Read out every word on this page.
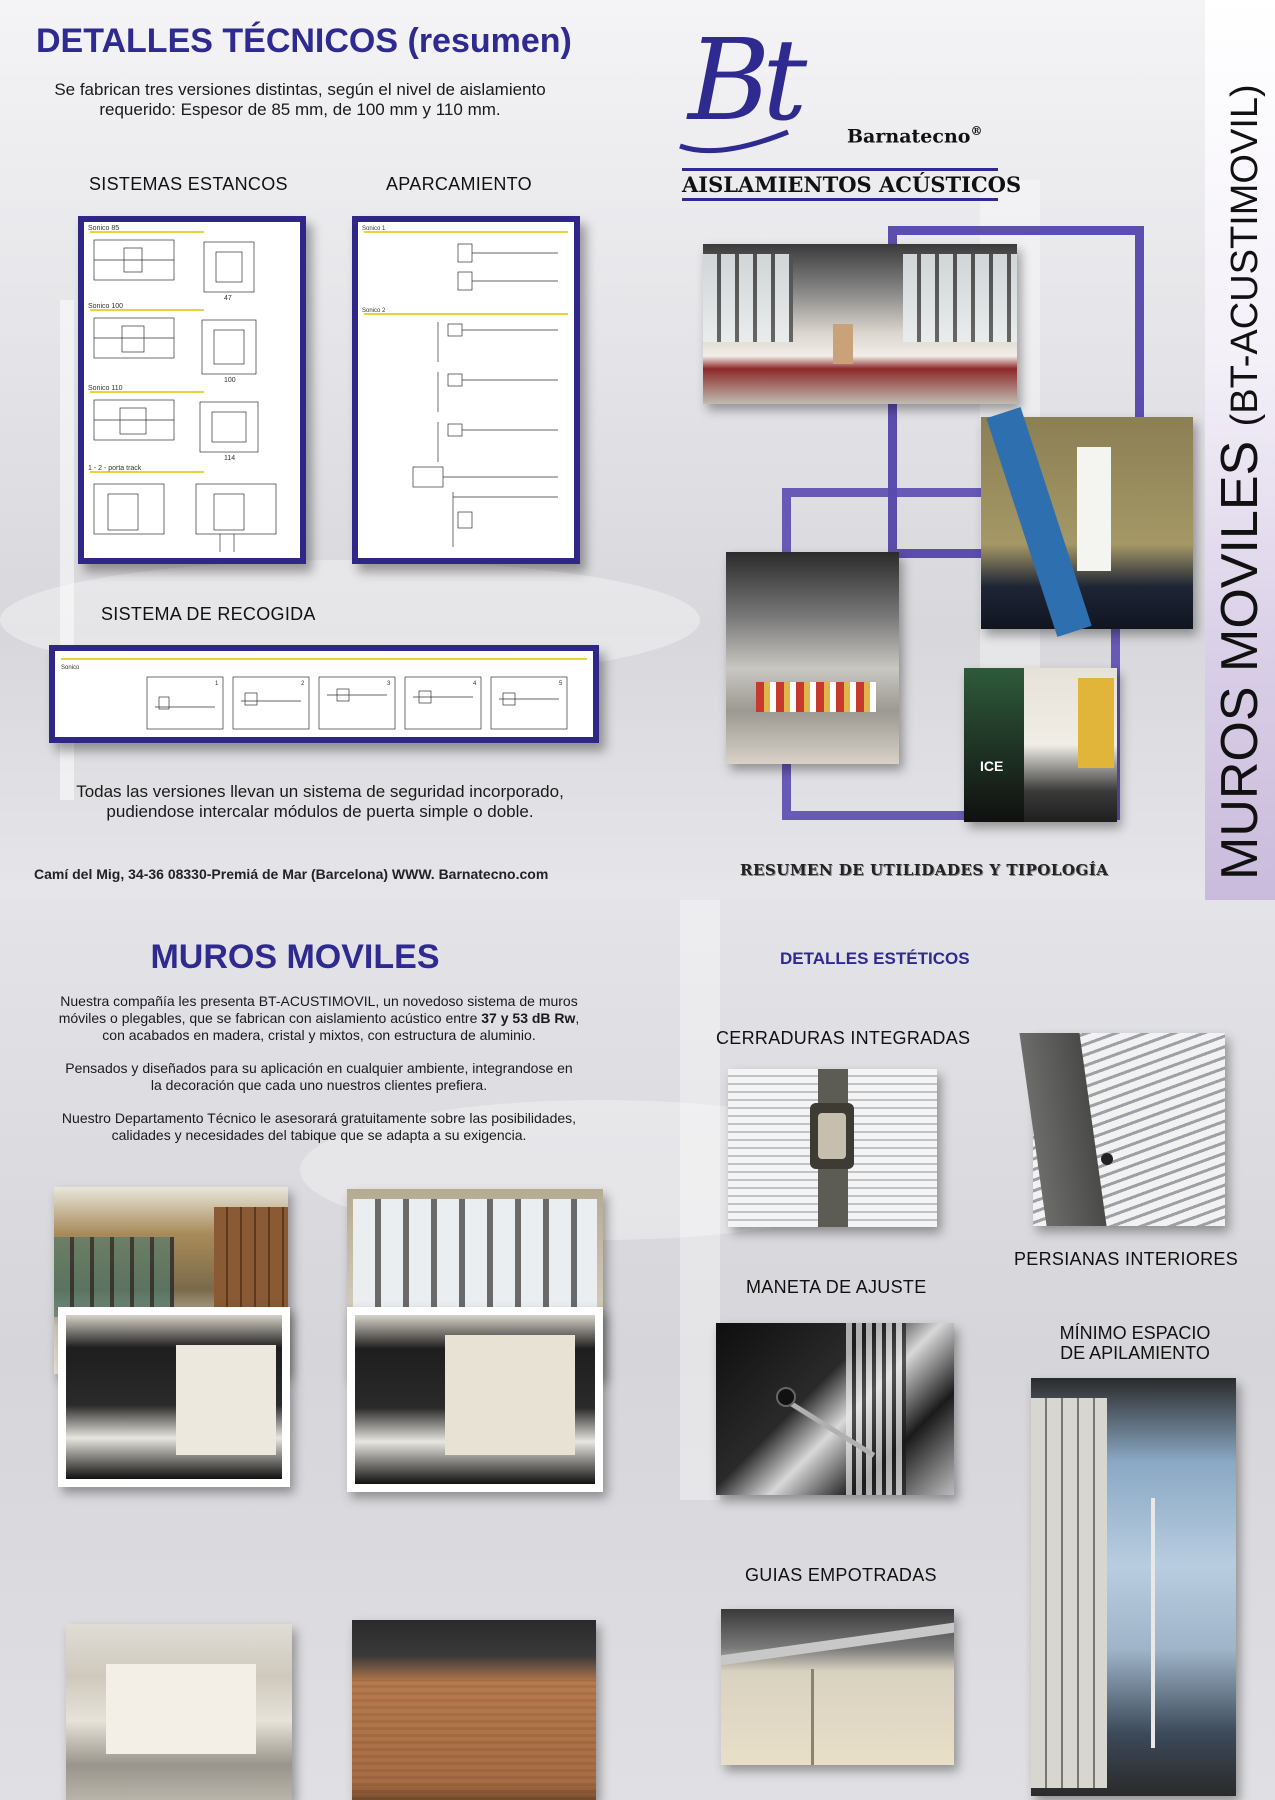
DETALLES TÉCNICOS (resumen)
Se fabrican tres versiones distintas, según el nivel de aislamiento
requerido: Espesor de 85 mm, de 100 mm y 110 mm.
SISTEMAS ESTANCOS	APARCAMIENTO
Sonico 85
Sonico 100
Sonico 110
1 - 2 - porta track
47
100
114
Sonico 1
Sonico 2
SISTEMA DE RECOGIDA
Sonico
1	2	3	4	5
Todas las versiones llevan un sistema de seguridad incorporado,
pudiendose intercalar módulos de puerta simple o doble.
Camí del Mig, 34-36 08330-Premiá de Mar (Barcelona) WWW. Barnatecno.com
Bt	Barnatecno®
AISLAMIENTOS ACÚSTICOS
ICE
RESUMEN DE UTILIDADES Y TIPOLOGÍA MUROS MOVILES (BT-ACUSTIMOVIL)
MUROS MOVILES
Nuestra compañía les presenta BT-ACUSTIMOVIL, un novedoso sistema de muros
móviles o plegables, que se fabrican con aislamiento acústico entre 37 y 53 dB Rw,
con acabados en madera, cristal y mixtos, con estructura de aluminio.
Pensados y diseñados para su aplicación en cualquier ambiente, integrandose en
la decoración que cada uno nuestros clientes prefiera.
Nuestro Departamento Técnico le asesorará gratuitamente sobre las posibilidades,
calidades y necesidades del tabique que se adapta a su exigencia.
DETALLES ESTÉTICOS
CERRADURAS INTEGRADAS
PERSIANAS INTERIORES
MANETA DE AJUSTE
MÍNIMO ESPACIO
DE APILAMIENTO
GUIAS EMPOTRADAS
